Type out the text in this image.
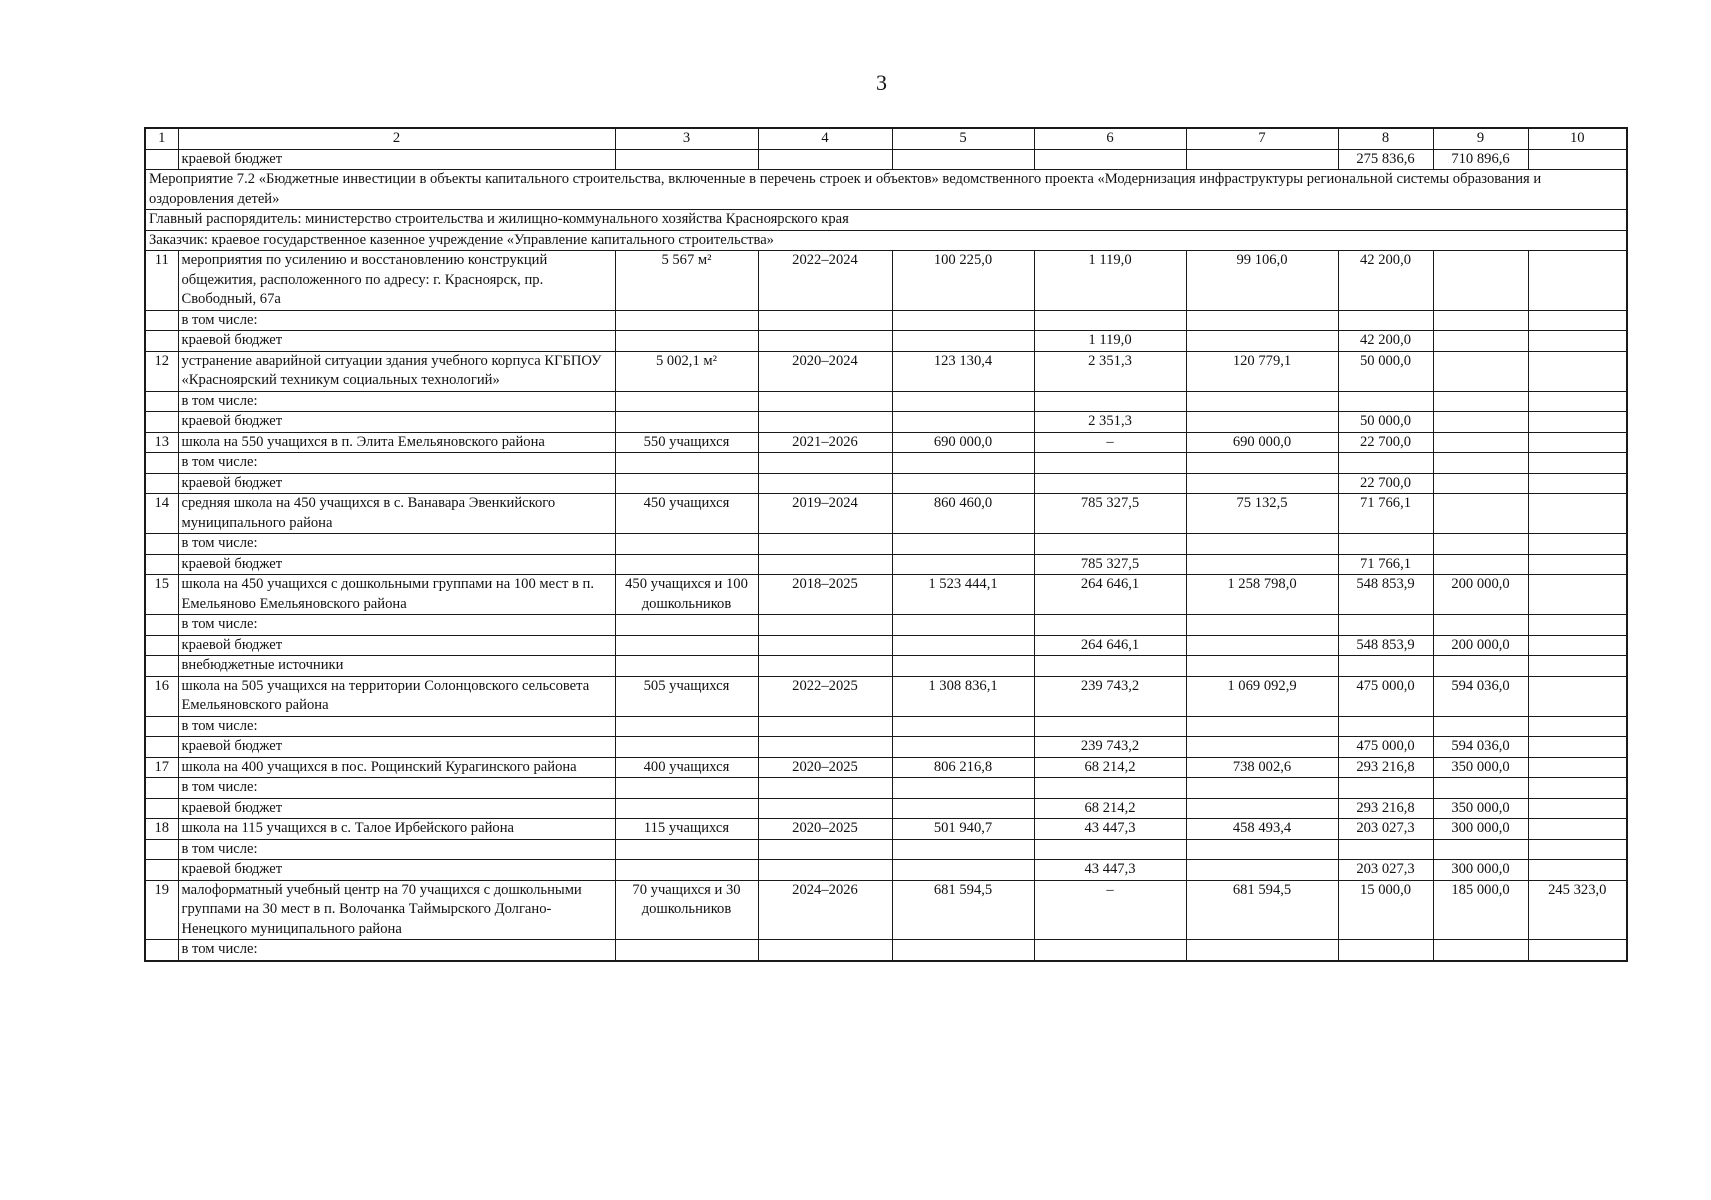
3
1	2	3	4	5	6	7	8	9	10
	краевой бюджет						275 836,6	710 896,6	
Мероприятие 7.2 «Бюджетные инвестиции в объекты капитального строительства, включенные в перечень строек и объектов» ведомственного проекта «Модернизация инфраструктуры региональной системы образования и оздоровления детей»									
Главный распорядитель: министерство строительства и жилищно-коммунального хозяйства Красноярского края									
Заказчик: краевое государственное казенное учреждение «Управление капитального строительства»									
11	мероприятия по усилению и восстановлению конструкций общежития, расположенного по адресу: г. Красноярск, пр. Свободный, 67а	5 567 м²	2022–2024	100 225,0	1 119,0	99 106,0	42 200,0		
	в том числе:								
	краевой бюджет				1 119,0		42 200,0		
12	устранение аварийной ситуации здания учебного корпуса КГБПОУ «Красноярский техникум социальных технологий»	5 002,1 м²	2020–2024	123 130,4	2 351,3	120 779,1	50 000,0		
	в том числе:								
	краевой бюджет				2 351,3		50 000,0		
13	школа на 550 учащихся в п. Элита Емельяновского района	550 учащихся	2021–2026	690 000,0	–	690 000,0	22 700,0		
	в том числе:								
	краевой бюджет						22 700,0		
14	средняя школа на 450 учащихся в с. Ванавара Эвенкийского муниципального района	450 учащихся	2019–2024	860 460,0	785 327,5	75 132,5	71 766,1		
	в том числе:								
	краевой бюджет				785 327,5		71 766,1		
15	школа на 450 учащихся с дошкольными группами на 100 мест в п. Емельяново Емельяновского района	450 учащихся и 100 дошкольников	2018–2025	1 523 444,1	264 646,1	1 258 798,0	548 853,9	200 000,0	
	в том числе:								
	краевой бюджет				264 646,1		548 853,9	200 000,0	
	внебюджетные источники								
16	школа на 505 учащихся на территории Солонцовского сельсовета Емельяновского района	505 учащихся	2022–2025	1 308 836,1	239 743,2	1 069 092,9	475 000,0	594 036,0	
	в том числе:								
	краевой бюджет				239 743,2		475 000,0	594 036,0	
17	школа на 400 учащихся в пос. Рощинский Курагинского района	400 учащихся	2020–2025	806 216,8	68 214,2	738 002,6	293 216,8	350 000,0	
	в том числе:								
	краевой бюджет				68 214,2		293 216,8	350 000,0	
18	школа на 115 учащихся в с. Талое Ирбейского района	115 учащихся	2020–2025	501 940,7	43 447,3	458 493,4	203 027,3	300 000,0	
	в том числе:								
	краевой бюджет				43 447,3		203 027,3	300 000,0	
19	малоформатный учебный центр на 70 учащихся с дошкольными группами на 30 мест в п. Волочанка Таймырского Долгано-Ненецкого муниципального района	70 учащихся и 30 дошкольников	2024–2026	681 594,5	–	681 594,5	15 000,0	185 000,0	245 323,0
	в том числе:								
